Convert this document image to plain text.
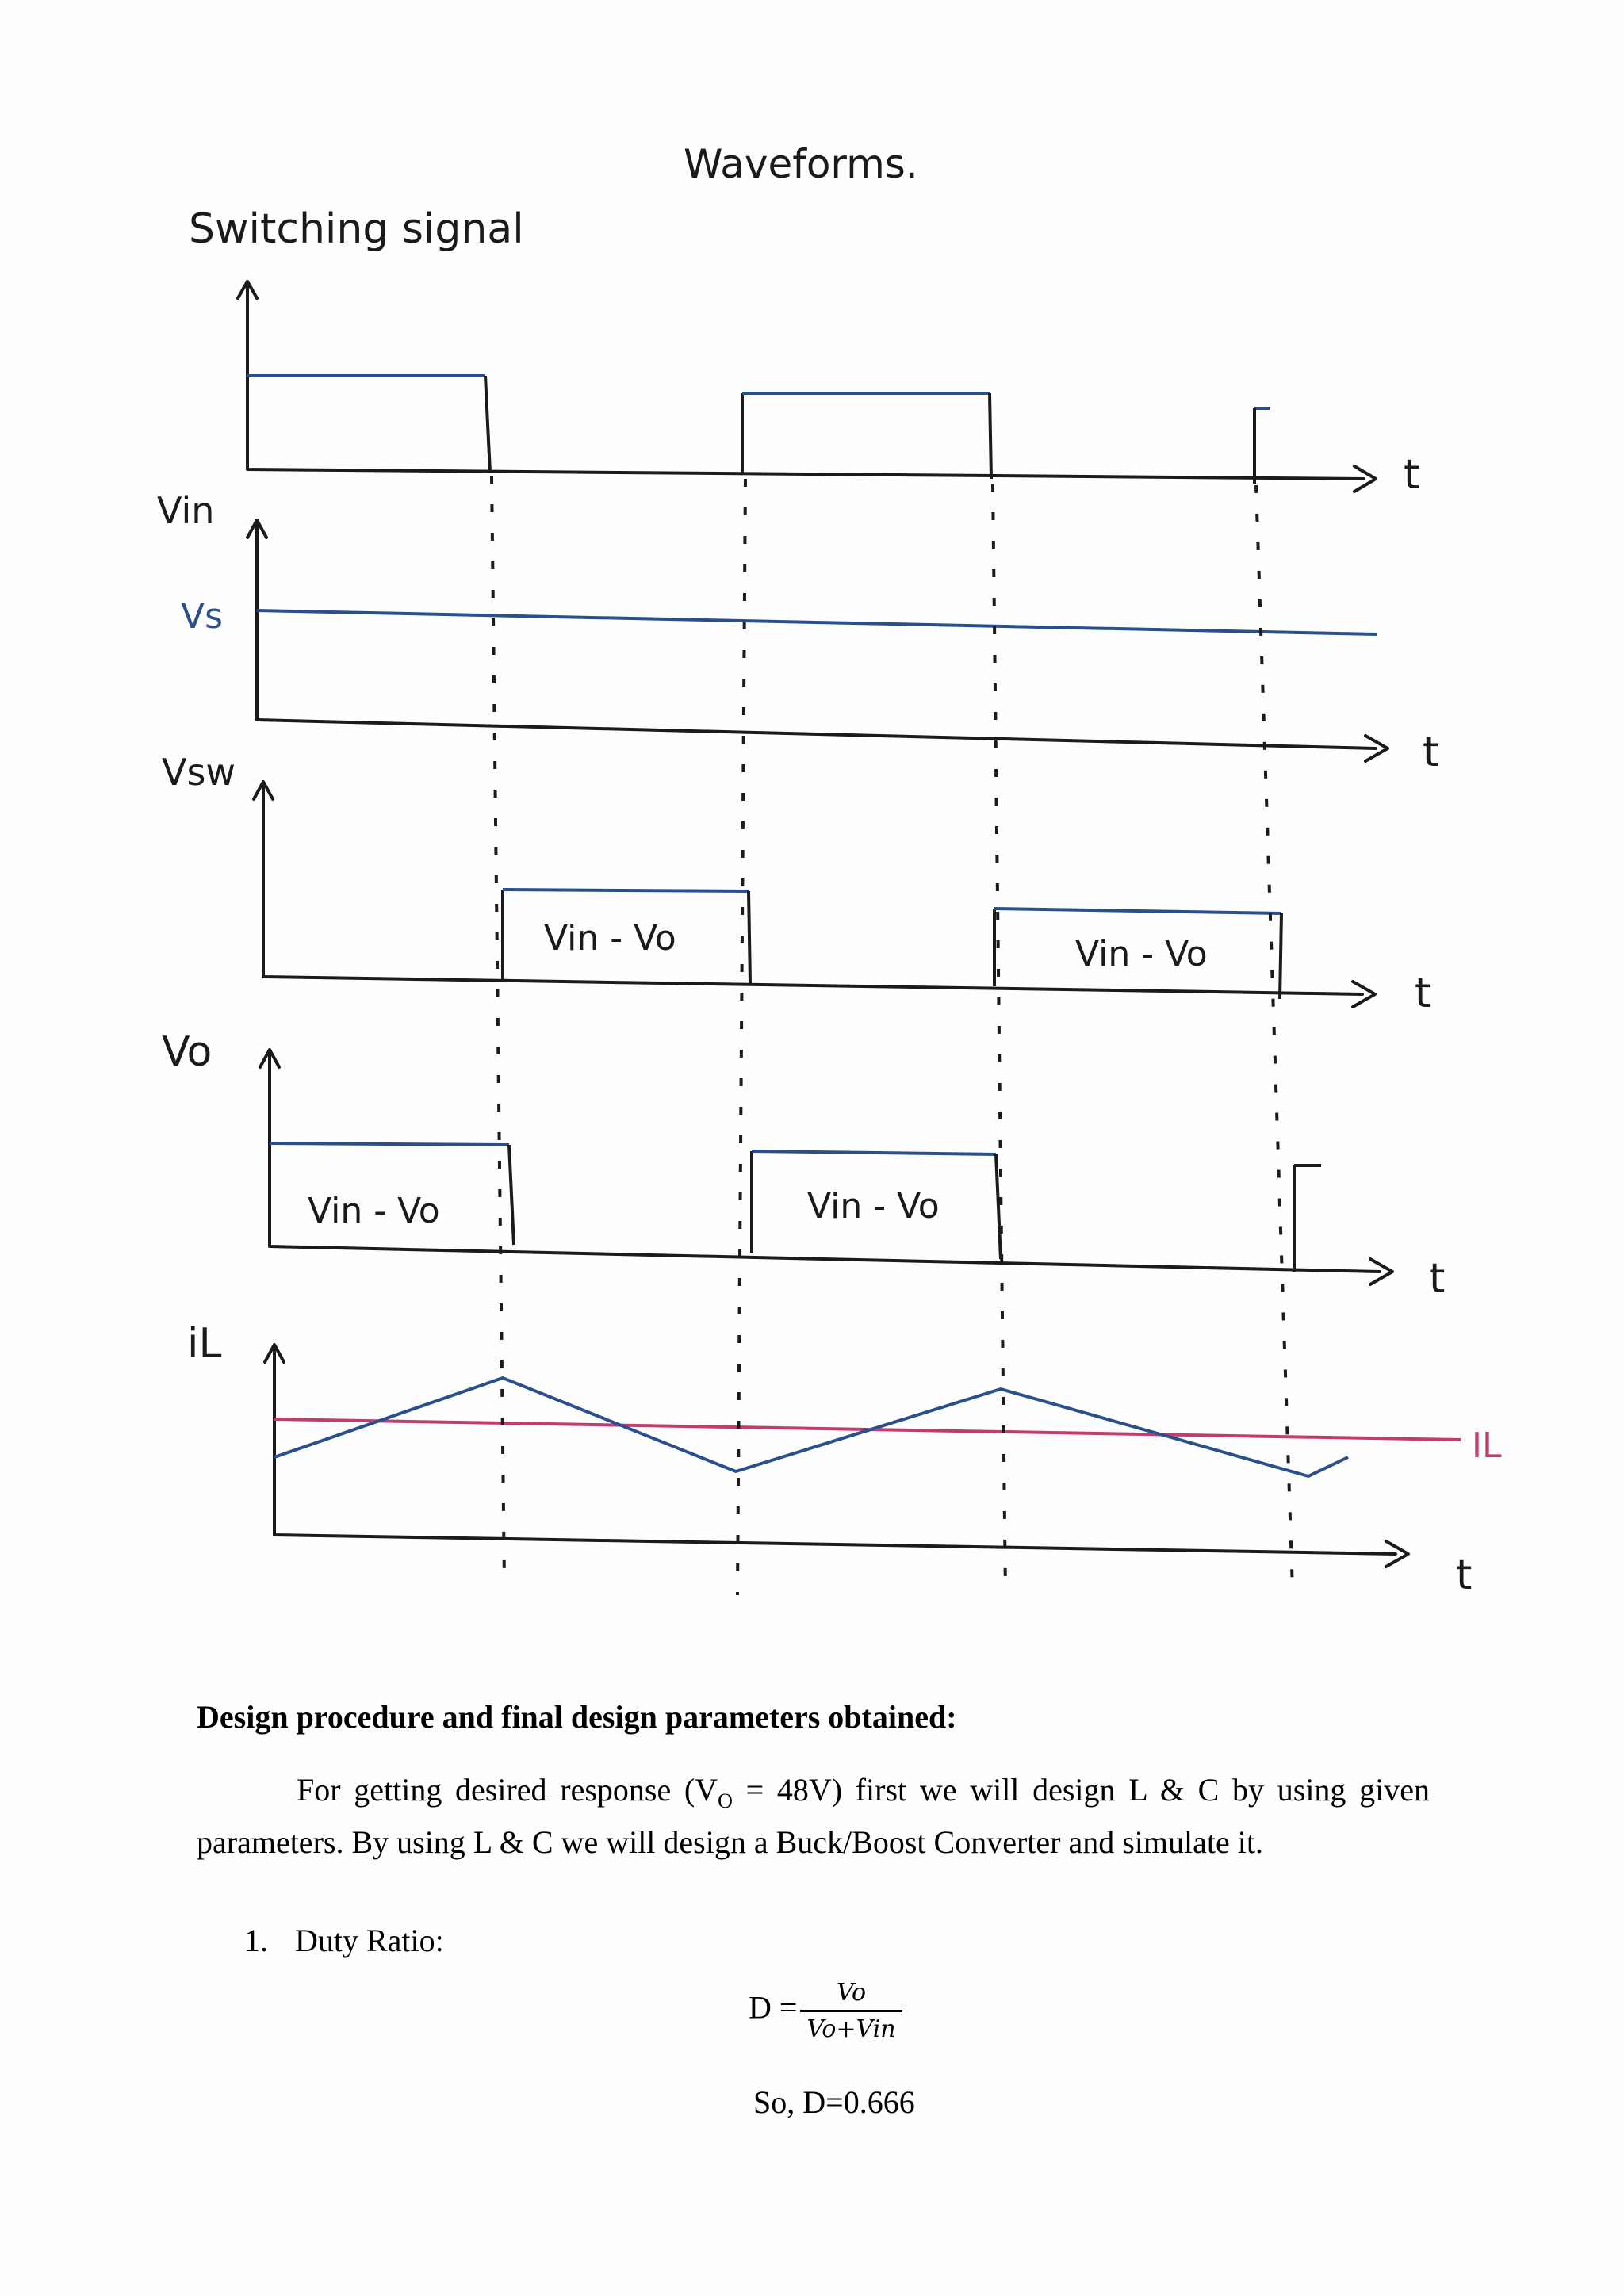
Waveforms.
Switching signal
t
Vin
Vs
t
Vsw
t
Vin - Vo	Vin - Vo
Vo
t
Vin - Vo	Vin - Vo
iL
t
IL
Design procedure and final design parameters obtained:
For getting desired response $(V_O = 48V)$ first we will design L & C by using given parameters. By using L & C we will design a Buck/Boost Converter and simulate it.
1. Duty Ratio:
$D = \frac{Vo}{\text{Vo+Vin}}$
So, D=0.666
